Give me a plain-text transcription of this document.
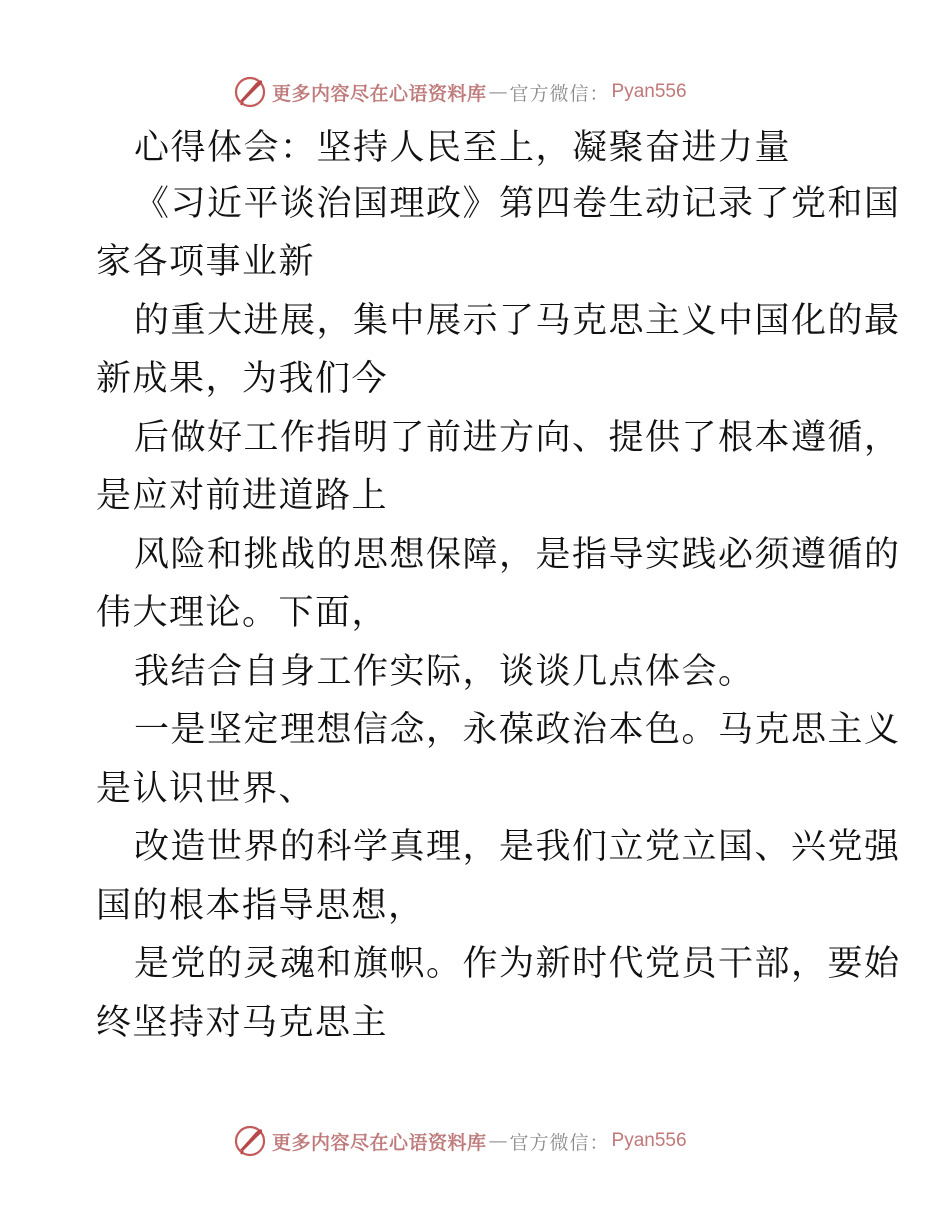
更多内容尽在心语资料库 — 官方微信： Pyan556
心得体会：坚持人民至上，凝聚奋进力量
《习近平谈治国理政》第四卷生动记录了党和国
家各项事业新
的重大进展，集中展示了马克思主义中国化的最
新成果，为我们今
后做好工作指明了前进方向、提供了根本遵循，
是应对前进道路上
风险和挑战的思想保障，是指导实践必须遵循的
伟大理论。下面，
我结合自身工作实际，谈谈几点体会。
一是坚定理想信念，永葆政治本色。马克思主义
是认识世界、
改造世界的科学真理，是我们立党立国、兴党强
国的根本指导思想，
是党的灵魂和旗帜。作为新时代党员干部，要始
终坚持对马克思主
更多内容尽在心语资料库 — 官方微信： Pyan556
